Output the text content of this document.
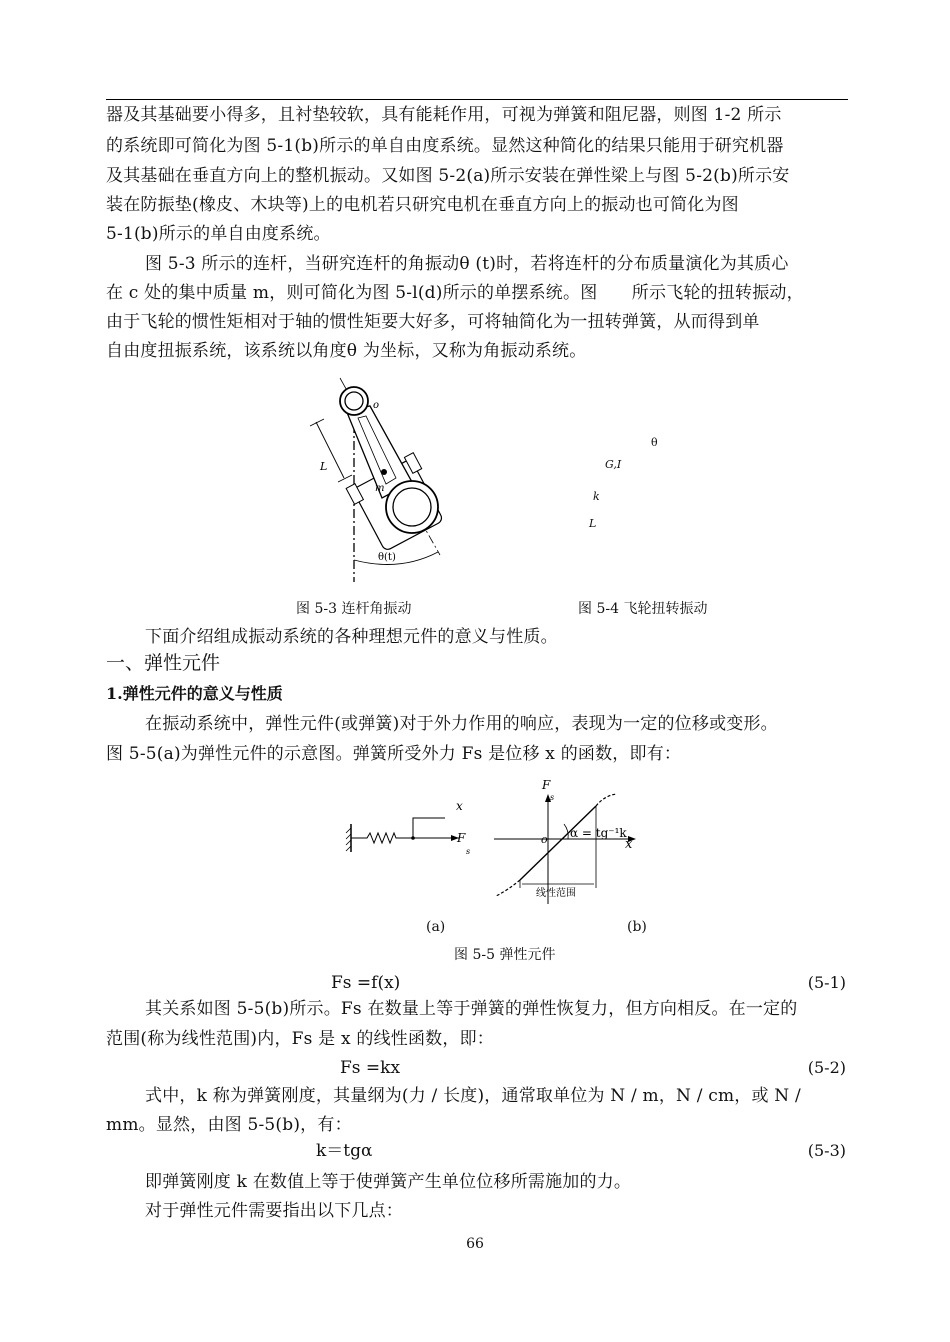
器及其基础要小得多，且衬垫较软，具有能耗作用，可视为弹簧和阻尼器，则图 1-2 所示
的系统即可简化为图 5-1(b)所示的单自由度系统。显然这种简化的结果只能用于研究机器
及其基础在垂直方向上的整机振动。又如图 5-2(a)所示安装在弹性梁上与图 5-2(b)所示安
装在防振垫(橡皮、木块等)上的电机若只研究电机在垂直方向上的振动也可简化为图
5-1(b)所示的单自由度系统。
图 5-3 所示的连杆，当研究连杆的角振动θ (t)时，若将连杆的分布质量演化为其质心
在 c 处的集中质量 m，则可简化为图 5-l(d)所示的单摆系统。图　　所示飞轮的扭转振动，
由于飞轮的惯性矩相对于轴的惯性矩要大好多，可将轴简化为一扭转弹簧，从而得到单
自由度扭振系统，该系统以角度θ 为坐标，又称为角振动系统。
o
L
m
θ(t)
θ
G,I
k
L
图 5-3 连杆角振动	图 5-4 飞轮扭转振动
下面介绍组成振动系统的各种理想元件的意义与性质。
一、弹性元件
1.弹性元件的意义与性质
在振动系统中，弹性元件(或弹簧)对于外力作用的响应，表现为一定的位移或变形。
图 5-5(a)为弹性元件的示意图。弹簧所受外力 Fs 是位移 x 的函数，即有：
x
F
s
F
s
o	x
α = tg⁻¹k
线性范围
(a)	(b)
图 5-5 弹性元件
Fs =f(x)	(5-1)
其关系如图 5-5(b)所示。Fs 在数量上等于弹簧的弹性恢复力，但方向相反。在一定的
范围(称为线性范围)内，Fs 是 x 的线性函数，即：
Fs =kx	(5-2)
式中，k 称为弹簧刚度，其量纲为(力 / 长度)，通常取单位为 N / m，N / cm，或 N /
mm。显然，由图 5-5(b)，有：
k＝tgα	(5-3)
即弹簧刚度 k 在数值上等于使弹簧产生单位位移所需施加的力。
对于弹性元件需要指出以下几点：
66
